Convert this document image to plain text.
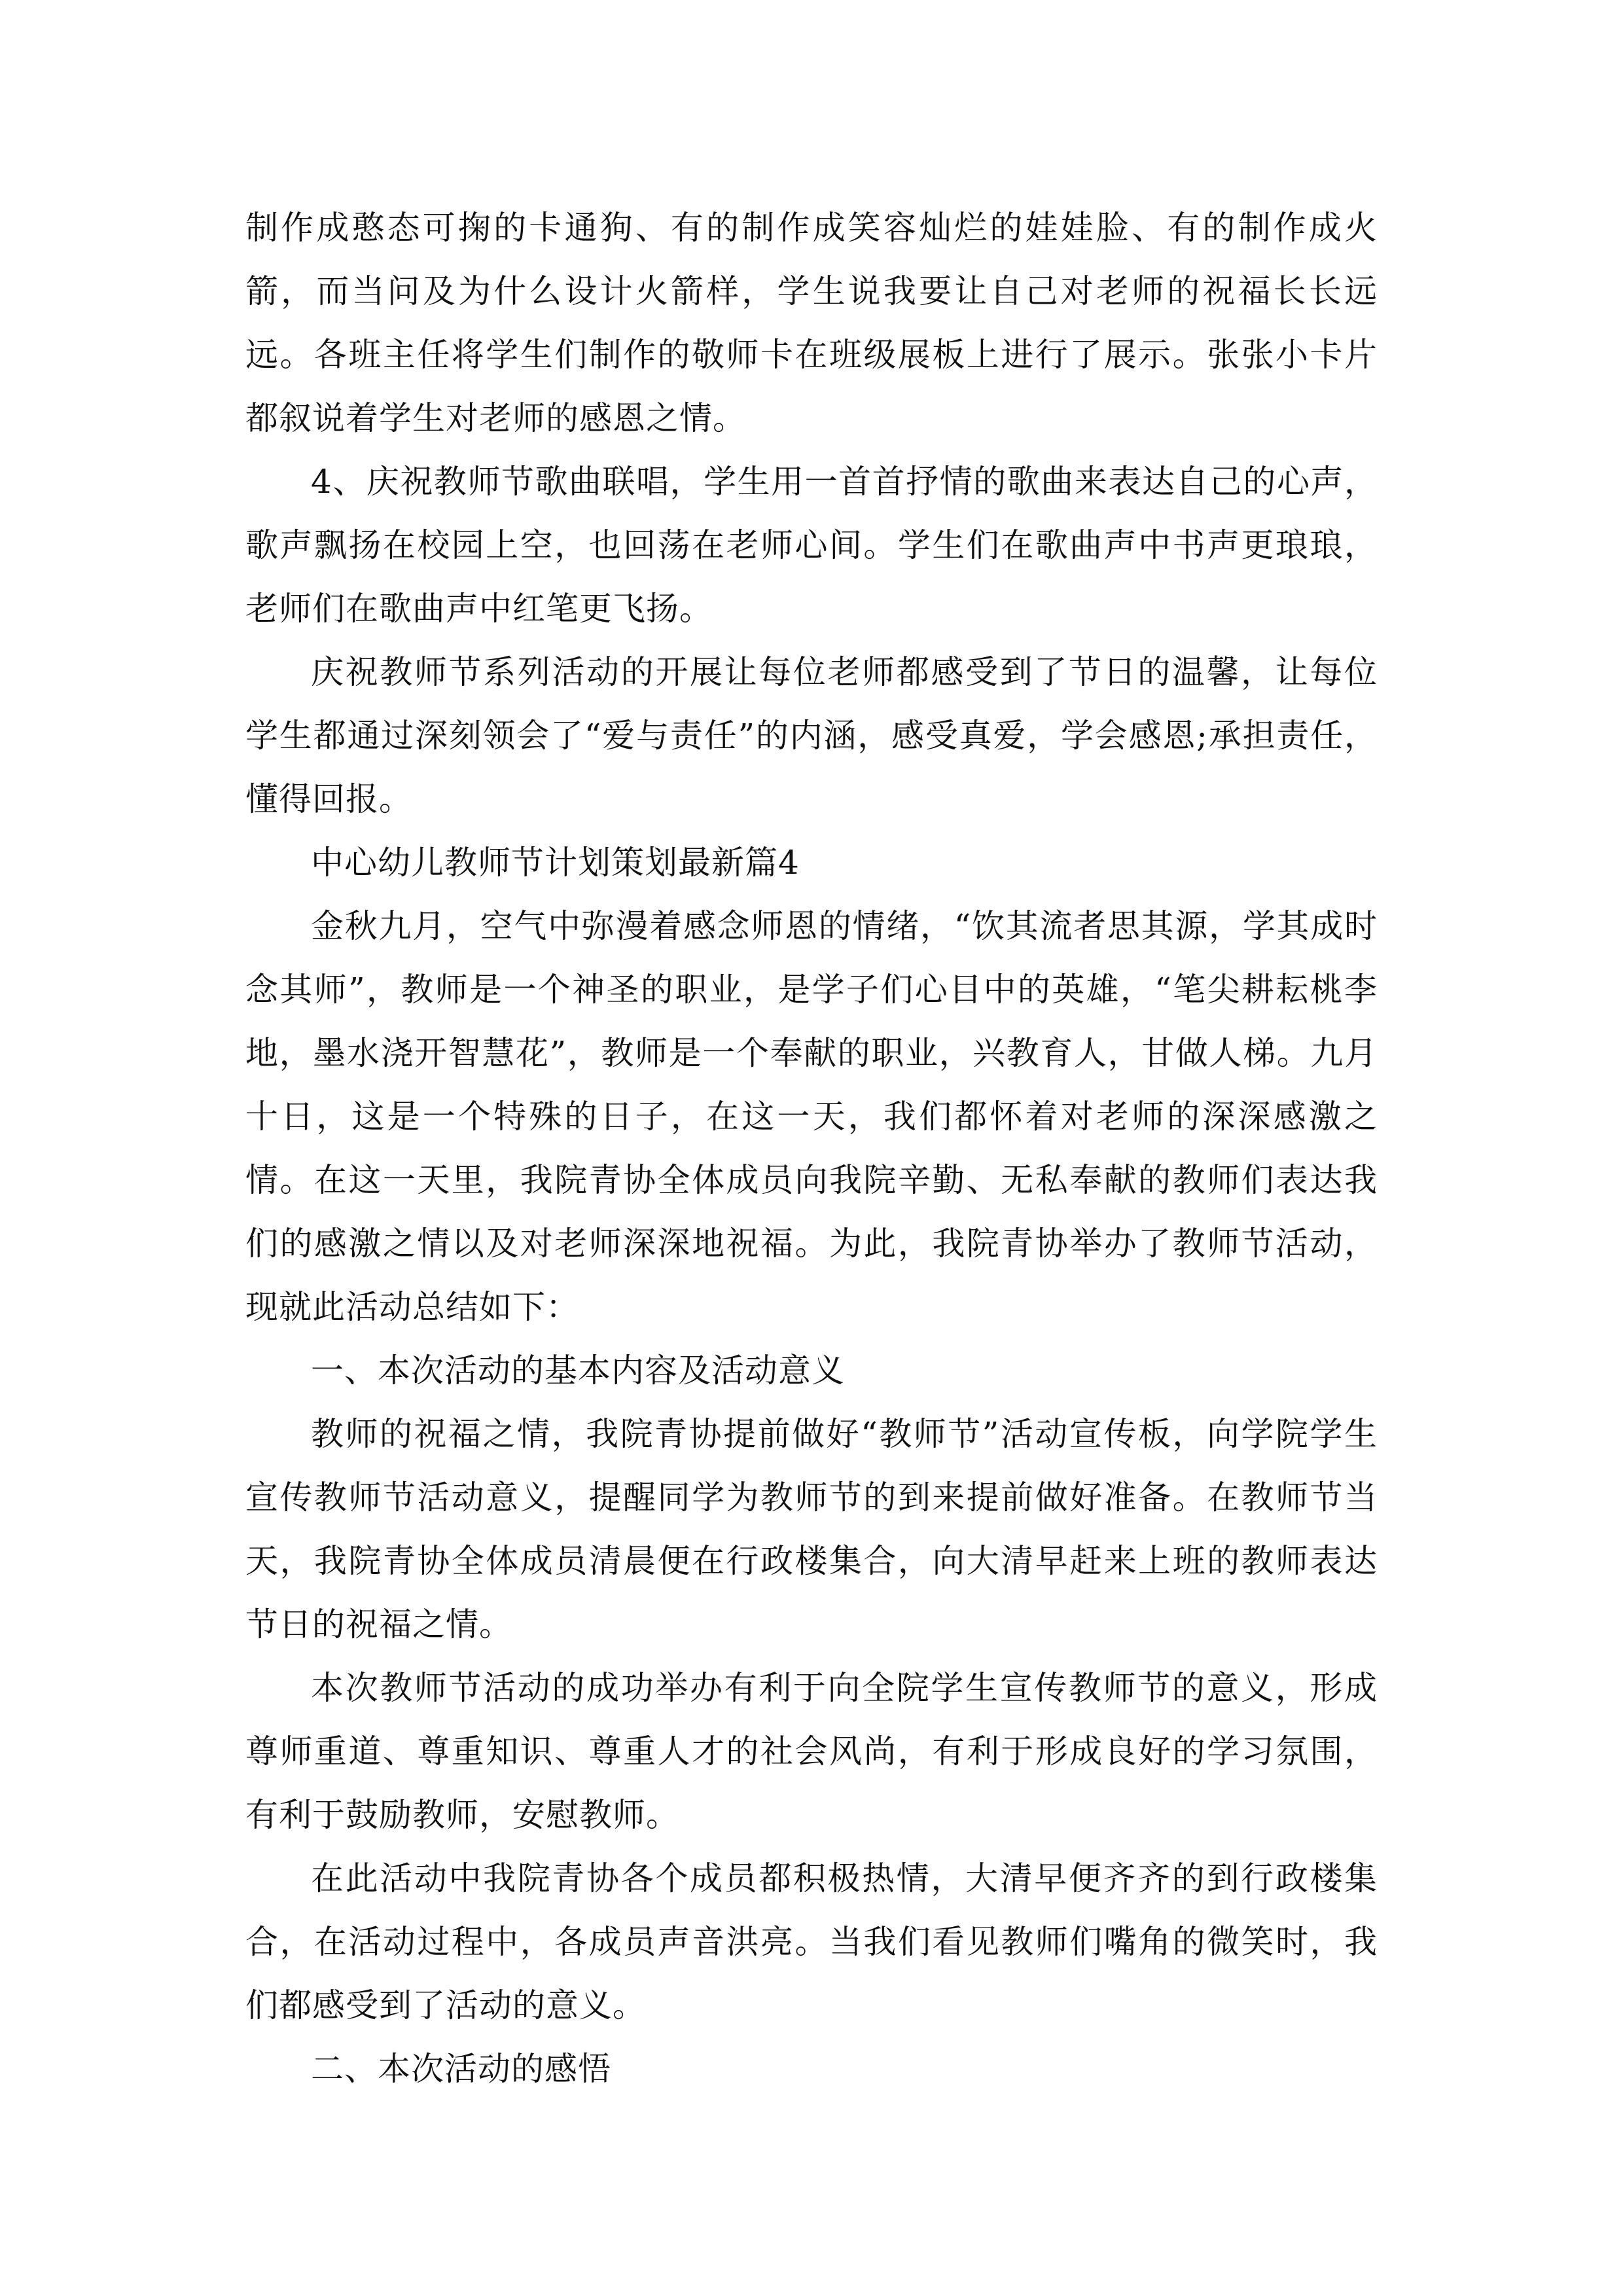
制作成憨态可掬的卡通狗、有的制作成笑容灿烂的娃娃脸、有的制作成火箭，而当问及为什么设计火箭样，学生说我要让自己对老师的祝福长长远远。各班主任将学生们制作的敬师卡在班级展板上进行了展示。张张小卡片都叙说着学生对老师的感恩之情。

4、庆祝教师节歌曲联唱，学生用一首首抒情的歌曲来表达自己的心声，歌声飘扬在校园上空，也回荡在老师心间。学生们在歌曲声中书声更琅琅，老师们在歌曲声中红笔更飞扬。

庆祝教师节系列活动的开展让每位老师都感受到了节日的温馨，让每位学生都通过深刻领会了“爱与责任”的内涵，感受真爱，学会感恩;承担责任，懂得回报。

中心幼儿教师节计划策划最新篇4

金秋九月，空气中弥漫着感念师恩的情绪，“饮其流者思其源，学其成时念其师”，教师是一个神圣的职业，是学子们心目中的英雄，“笔尖耕耘桃李地，墨水浇开智慧花”，教师是一个奉献的职业，兴教育人，甘做人梯。九月十日，这是一个特殊的日子，在这一天，我们都怀着对老师的深深感激之情。在这一天里，我院青协全体成员向我院辛勤、无私奉献的教师们表达我们的感激之情以及对老师深深地祝福。为此，我院青协举办了教师节活动，现就此活动总结如下：

一、本次活动的基本内容及活动意义

教师的祝福之情，我院青协提前做好“教师节”活动宣传板，向学院学生宣传教师节活动意义，提醒同学为教师节的到来提前做好准备。在教师节当天，我院青协全体成员清晨便在行政楼集合，向大清早赶来上班的教师表达节日的祝福之情。

本次教师节活动的成功举办有利于向全院学生宣传教师节的意义，形成尊师重道、尊重知识、尊重人才的社会风尚，有利于形成良好的学习氛围，有利于鼓励教师，安慰教师。

在此活动中我院青协各个成员都积极热情，大清早便齐齐的到行政楼集合，在活动过程中，各成员声音洪亮。当我们看见教师们嘴角的微笑时，我们都感受到了活动的意义。

二、本次活动的感悟
